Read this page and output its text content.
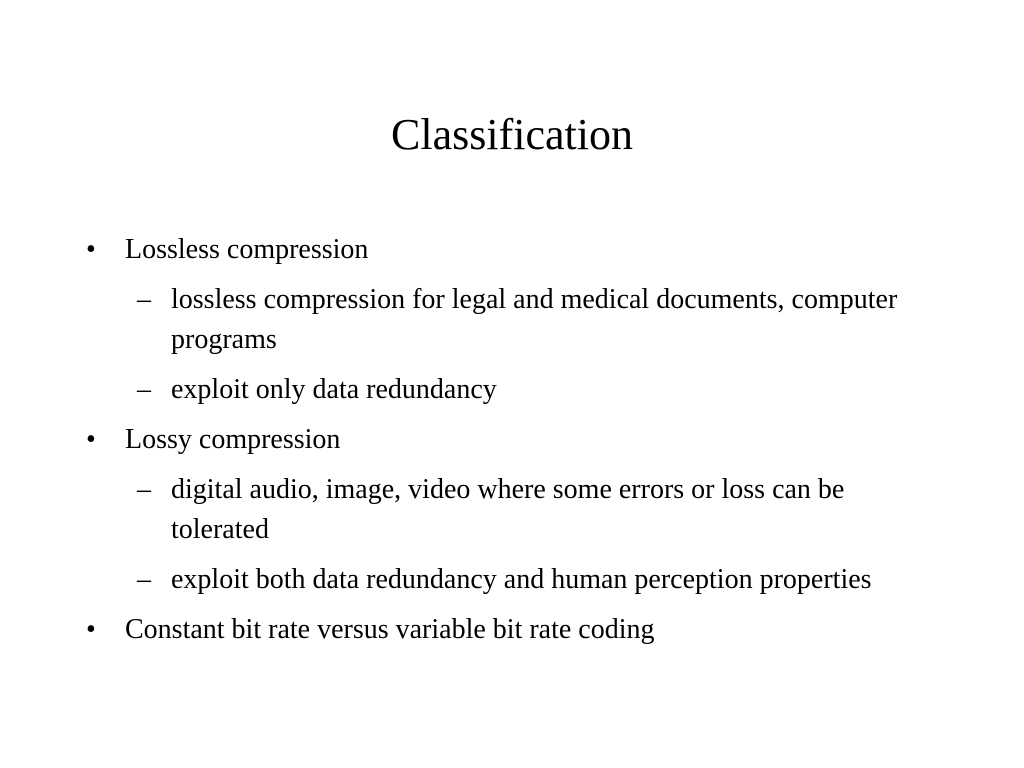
Classification
• Lossless compression
– lossless compression for legal and medical documents, computer programs
– exploit only data redundancy
• Lossy compression
– digital audio, image, video where some errors or loss can be tolerated
– exploit both data redundancy and human perception properties
• Constant bit rate versus variable bit rate coding
